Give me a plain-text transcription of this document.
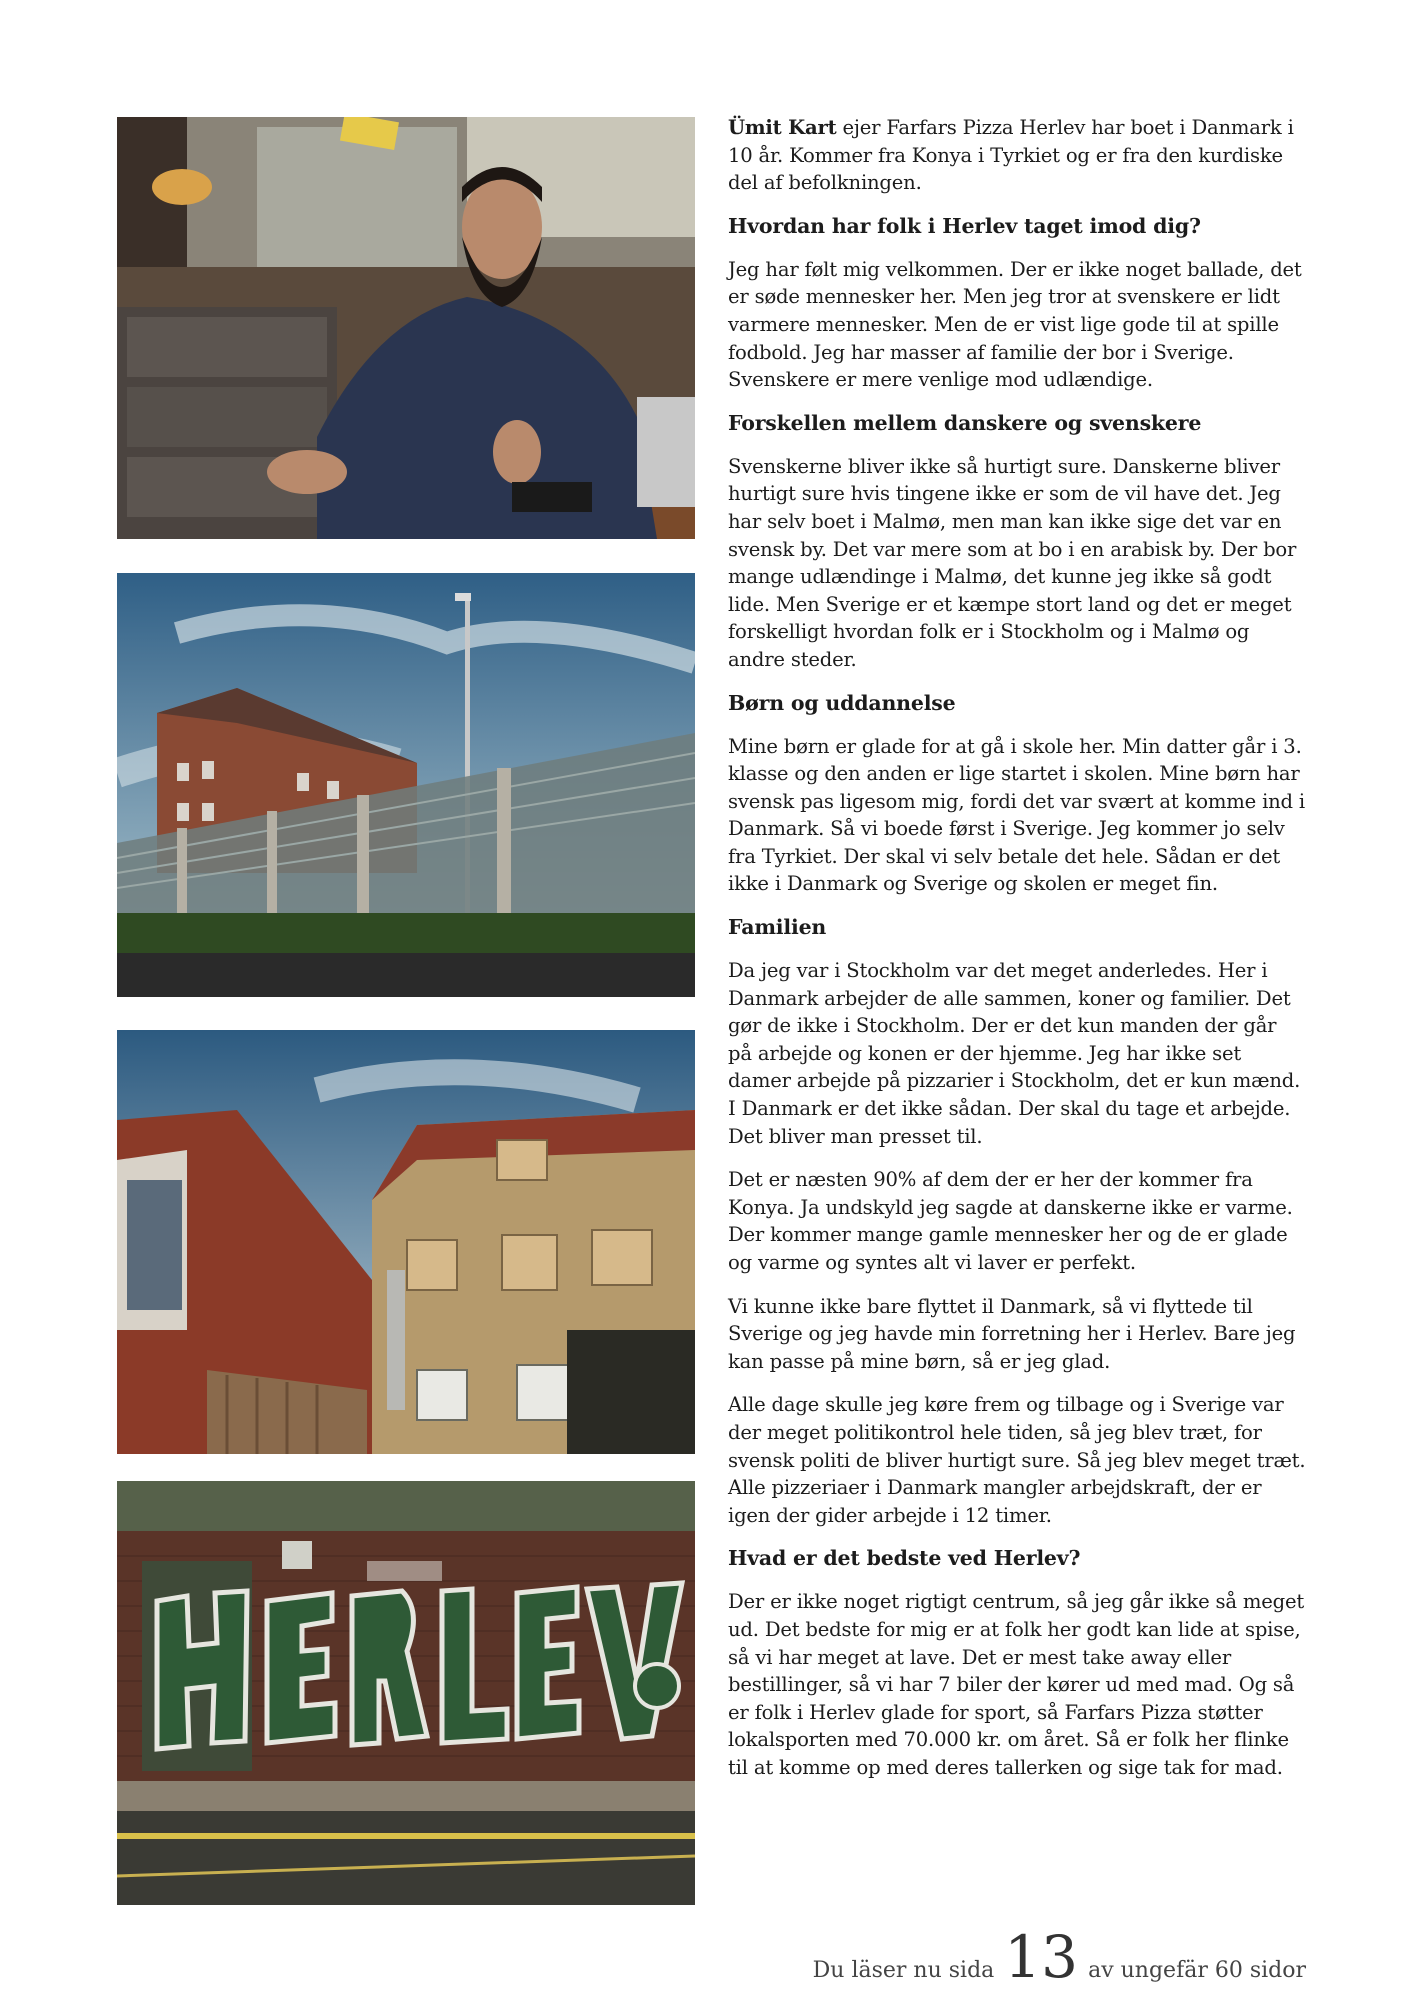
Ümit Kart ejer Farfars Pizza Herlev har boet i Danmark i 10 år. Kommer fra Konya i Tyrkiet og er fra den kurdiske del af befolkningen.

Hvordan har folk i Herlev taget imod dig?

Jeg har følt mig velkommen. Der er ikke noget ballade, det er søde mennesker her. Men jeg tror at svenskere er lidt varmere mennesker. Men de er vist lige gode til at spille fodbold. Jeg har masser af familie der bor i Sverige. Svenskere er mere venlige mod udlændige.

Forskellen mellem danskere og svenskere

Svenskerne bliver ikke så hurtigt sure. Danskerne bliver hurtigt sure hvis tingene ikke er som de vil have det. Jeg har selv boet i Malmø, men man kan ikke sige det var en svensk by. Det var mere som at bo i en arabisk by. Der bor mange udlændinge i Malmø, det kunne jeg ikke så godt lide. Men Sverige er et kæmpe stort land og det er meget forskelligt hvordan folk er i Stockholm og i Malmø og andre steder.

Børn og uddannelse

Mine børn er glade for at gå i skole her. Min datter går i 3. klasse og den anden er lige startet i skolen. Mine børn har svensk pas ligesom mig, fordi det var svært at komme ind i Danmark. Så vi boede først i Sverige. Jeg kommer jo selv fra Tyrkiet. Der skal vi selv betale det hele. Sådan er det ikke i Danmark og Sverige og skolen er meget fin.

Familien

Da jeg var i Stockholm var det meget anderledes. Her i Danmark arbejder de alle sammen, koner og familier. Det gør de ikke i Stockholm. Der er det kun manden der går på arbejde og konen er der hjemme. Jeg har ikke set damer arbejde på pizzarier i Stockholm, det er kun mænd. I Danmark er det ikke sådan. Der skal du tage et arbejde. Det bliver man presset til.

Det er næsten 90% af dem der er her der kommer fra Konya. Ja undskyld jeg sagde at danskerne ikke er varme. Der kommer mange gamle mennesker her og de er glade og varme og syntes alt vi laver er perfekt.

Vi kunne ikke bare flyttet il Danmark, så vi flyttede til Sverige og jeg havde min forretning her i Herlev. Bare jeg kan passe på mine børn, så er jeg glad.

Alle dage skulle jeg køre frem og tilbage og i Sverige var der meget politikontrol hele tiden, så jeg blev træt, for svensk politi de bliver hurtigt sure. Så jeg blev meget træt. Alle pizzeriaer i Danmark mangler arbejdskraft, der er igen der gider arbejde i 12 timer.

Hvad er det bedste ved Herlev?

Der er ikke noget rigtigt centrum, så jeg går ikke så meget ud. Det bedste for mig er at folk her godt kan lide at spise, så vi har meget at lave. Det er mest take away eller bestillinger, så vi har 7 biler der kører ud med mad. Og så er folk i Herlev glade for sport, så Farfars Pizza støtter lokalsporten med 70.000 kr. om året. Så er folk her flinke til at komme op med deres tallerken og sige tak for mad.

Du läser nu sida 13 av ungefär 60 sidor
